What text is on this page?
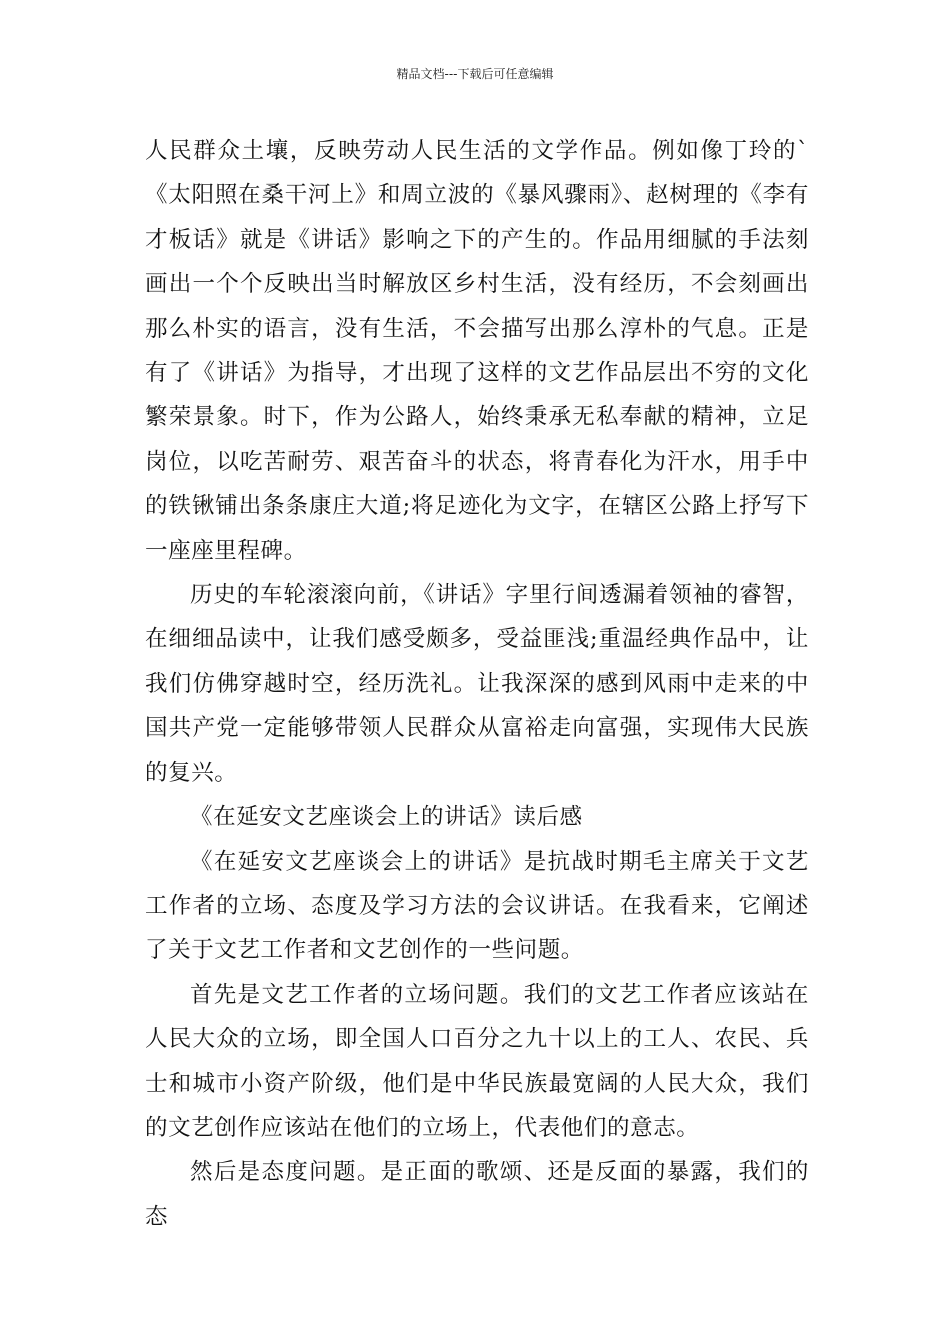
精品文档---下载后可任意编辑

人民群众土壤，反映劳动人民生活的文学作品。例如像丁玲的`《太阳照在桑干河上》和周立波的《暴风骤雨》、赵树理的《李有才板话》就是《讲话》影响之下的产生的。作品用细腻的手法刻画出一个个反映出当时解放区乡村生活，没有经历，不会刻画出那么朴实的语言，没有生活，不会描写出那么淳朴的气息。正是有了《讲话》为指导，才出现了这样的文艺作品层出不穷的文化繁荣景象。时下，作为公路人，始终秉承无私奉献的精神，立足岗位，以吃苦耐劳、艰苦奋斗的状态，将青春化为汗水，用手中的铁锹铺出条条康庄大道;将足迹化为文字，在辖区公路上抒写下一座座里程碑。

历史的车轮滚滚向前，《讲话》字里行间透漏着领袖的睿智，在细细品读中，让我们感受颇多，受益匪浅;重温经典作品中，让我们仿佛穿越时空，经历洗礼。让我深深的感到风雨中走来的中国共产党一定能够带领人民群众从富裕走向富强，实现伟大民族的复兴。

《在延安文艺座谈会上的讲话》读后感

《在延安文艺座谈会上的讲话》是抗战时期毛主席关于文艺工作者的立场、态度及学习方法的会议讲话。在我看来，它阐述了关于文艺工作者和文艺创作的一些问题。

首先是文艺工作者的立场问题。我们的文艺工作者应该站在人民大众的立场，即全国人口百分之九十以上的工人、农民、兵士和城市小资产阶级，他们是中华民族最宽阔的人民大众，我们的文艺创作应该站在他们的立场上，代表他们的意志。

然后是态度问题。是正面的歌颂、还是反面的暴露，我们的态
